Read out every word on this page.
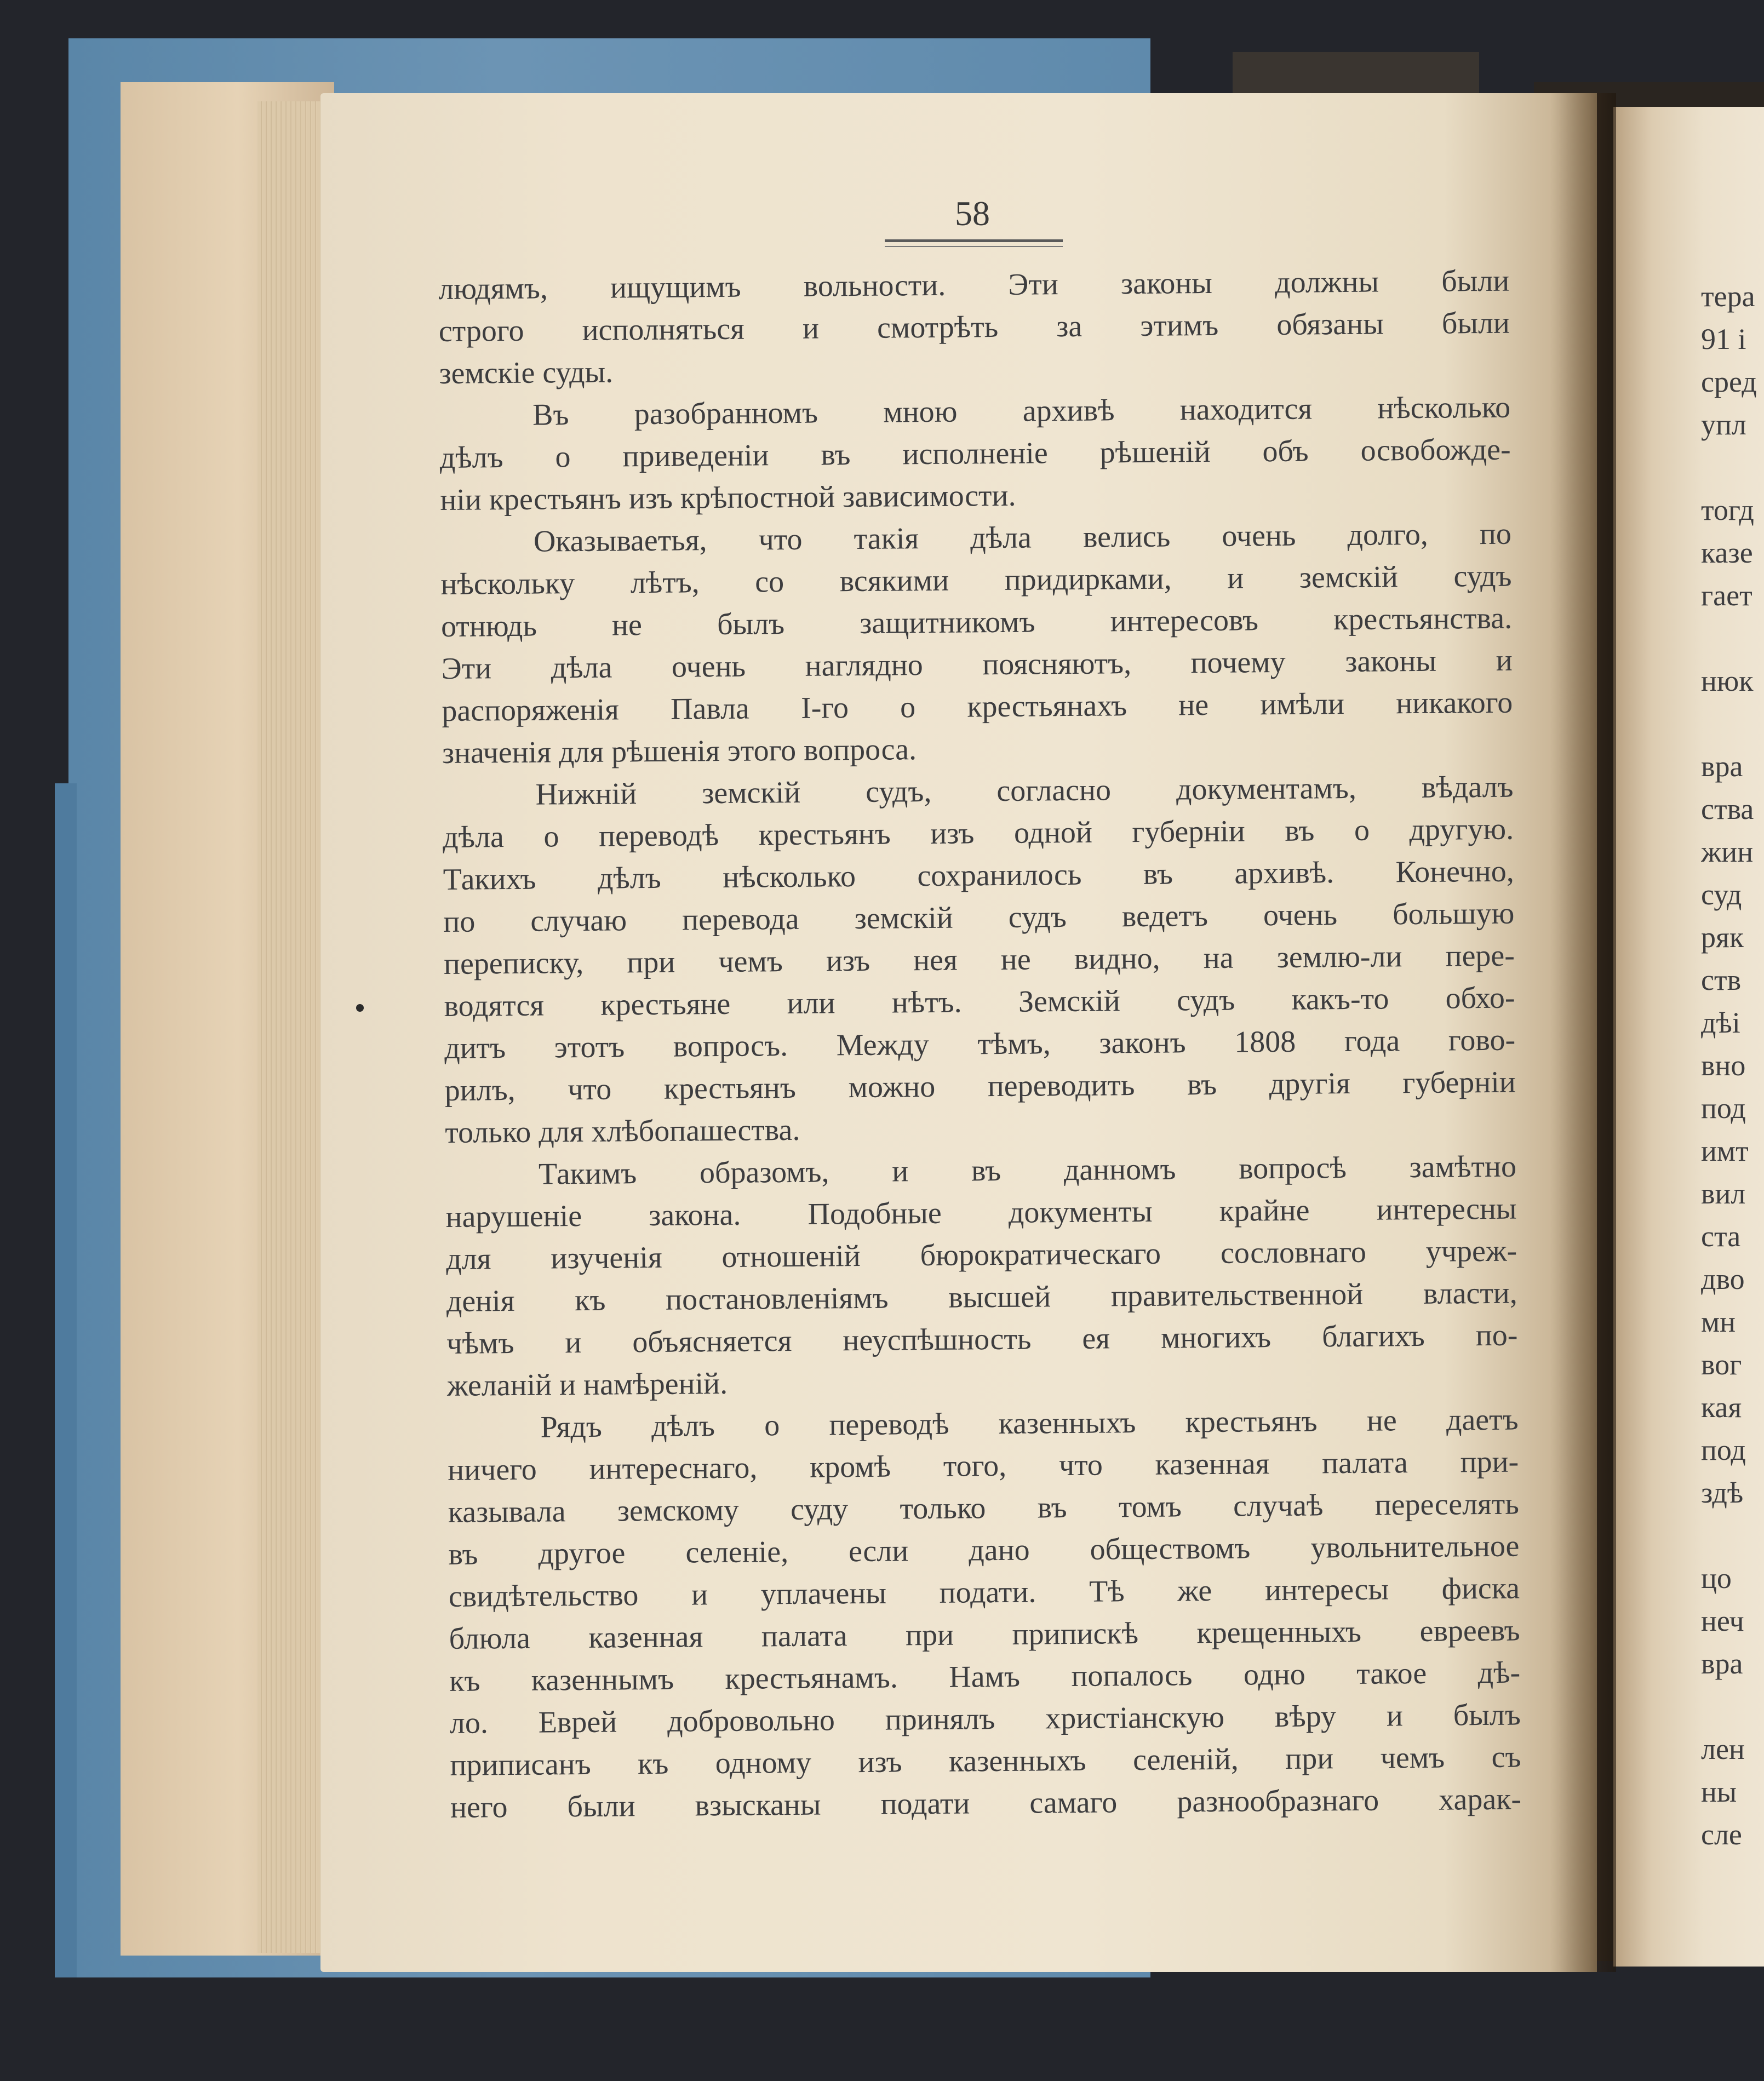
58

людямъ, ищущимъ вольности. Эти законы должны были

строго исполняться и смотрѣть за этимъ обязаны были

земскіе суды.

Въ разобранномъ мною архивѣ находится нѣсколько

дѣлъ о приведеніи въ исполненіе рѣшеній объ освобожде-

ніи крестьянъ изъ крѣпостной зависимости.

Оказываетья, что такія дѣла велись очень долго, по

нѣскольку лѣтъ, со всякими придирками, и земскій судъ

отнюдь не былъ защитникомъ интересовъ крестьянства.

Эти дѣла очень наглядно поясняютъ, почему законы и

распоряженія Павла I-го о крестьянахъ не имѣли никакого

значенія для рѣшенія этого вопроса.

Нижній земскій судъ, согласно документамъ, вѣдалъ

дѣла о переводѣ крестьянъ изъ одной губерніи въ о другую.

Такихъ дѣлъ нѣсколько сохранилось въ архивѣ. Конечно,

по случаю перевода земскій судъ ведетъ очень большую

переписку, при чемъ изъ нея не видно, на землю-ли пере-

водятся крестьяне или нѣтъ. Земскій судъ какъ-то обхо-

дитъ этотъ вопросъ. Между тѣмъ, законъ 1808 года гово-

рилъ, что крестьянъ можно переводить въ другія губерніи

только для хлѣбопашества.

Такимъ образомъ, и въ данномъ вопросѣ замѣтно

нарушеніе закона. Подобные документы крайне интересны

для изученія отношеній бюрократическаго сословнаго учреж-

денія къ постановленіямъ высшей правительственной власти,

чѣмъ и объясняется неуспѣшность ея многихъ благихъ по-

желаній и намѣреній.

Рядъ дѣлъ о переводѣ казенныхъ крестьянъ не даетъ

ничего интереснаго, кромѣ того, что казенная палата при-

казывала земскому суду только въ томъ случаѣ переселять

въ другое селеніе, если дано обществомъ увольнительное

свидѣтельство и уплачены подати. Тѣ же интересы фиска

блюла казенная палата при припискѣ крещенныхъ евреевъ

къ казеннымъ крестьянамъ. Намъ попалось одно такое дѣ-

ло. Еврей добровольно принялъ христіанскую вѣру и былъ

приписанъ къ одному изъ казенныхъ селеній, при чемъ съ

него были взысканы подати самаго разнообразнаго харак-

тера
91 і
сред
упл
тогд
казе
гает
нюк
вра
ства
жин
суд
ряк
ств
дѣі
вно
под
имт
вил
ста
дво
мн
вог
кая
под
здѣ
цо
неч
вра
лен
ны
сле
